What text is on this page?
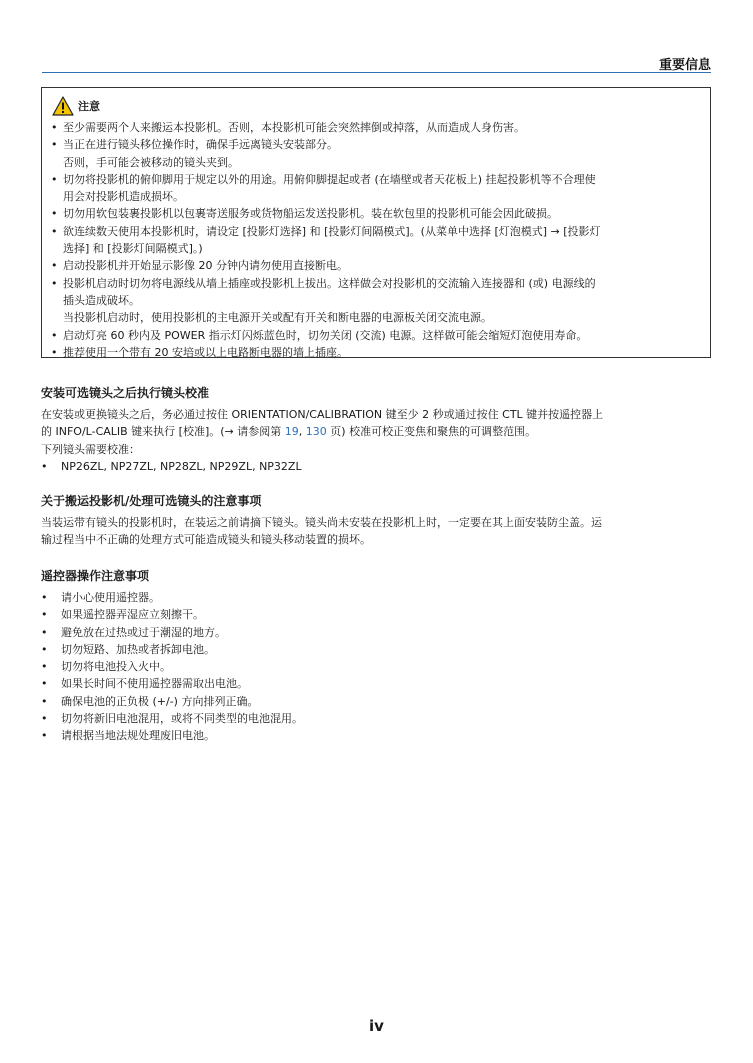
重要信息
注意
• 至少需要两个人来搬运本投影机。否则，本投影机可能会突然摔倒或掉落，从而造成人身伤害。
• 当正在进行镜头移位操作时，确保手远离镜头安装部分。
否则，手可能会被移动的镜头夹到。
• 切勿将投影机的俯仰脚用于规定以外的用途。用俯仰脚提起或者 (在墙壁或者天花板上) 挂起投影机等不合理使
用会对投影机造成损坏。
• 切勿用软包装裹投影机以包裹寄送服务或货物船运发送投影机。装在软包里的投影机可能会因此破损。
• 欲连续数天使用本投影机时，请设定 [投影灯选择] 和 [投影灯间隔模式]。(从菜单中选择 [灯泡模式] → [投影灯
选择] 和 [投影灯间隔模式]。)
• 启动投影机并开始显示影像 20 分钟内请勿使用直接断电。
• 投影机启动时切勿将电源线从墙上插座或投影机上拔出。这样做会对投影机的交流输入连接器和 (或) 电源线的
插头造成破坏。
当投影机启动时，使用投影机的主电源开关或配有开关和断电器的电源板关闭交流电源。
• 启动灯亮 60 秒内及 POWER 指示灯闪烁蓝色时，切勿关闭 (交流) 电源。这样做可能会缩短灯泡使用寿命。
• 推荐使用一个带有 20 安培或以上电路断电器的墙上插座。
安装可选镜头之后执行镜头校准

在安装或更换镜头之后，务必通过按住 ORIENTATION/CALIBRATION 键至少 2 秒或通过按住 CTL 键并按遥控器上

的 INFO/L-CALIB 键来执行 [校准]。(→ 请参阅第 19, 130 页) 校准可校正变焦和聚焦的可调整范围。

下列镜头需要校准：

• NP26ZL, NP27ZL, NP28ZL, NP29ZL, NP32ZL
关于搬运投影机/处理可选镜头的注意事项

当装运带有镜头的投影机时，在装运之前请摘下镜头。镜头尚未安装在投影机上时，一定要在其上面安装防尘盖。运

输过程当中不正确的处理方式可能造成镜头和镜头移动装置的损坏。

遥控器操作注意事项
• 请小心使用遥控器。
• 如果遥控器弄湿应立刻擦干。
• 避免放在过热或过于潮湿的地方。
• 切勿短路、加热或者拆卸电池。
• 切勿将电池投入火中。
• 如果长时间不使用遥控器需取出电池。
• 确保电池的正负极 (+/-) 方向排列正确。
• 切勿将新旧电池混用，或将不同类型的电池混用。
• 请根据当地法规处理废旧电池。
iv
